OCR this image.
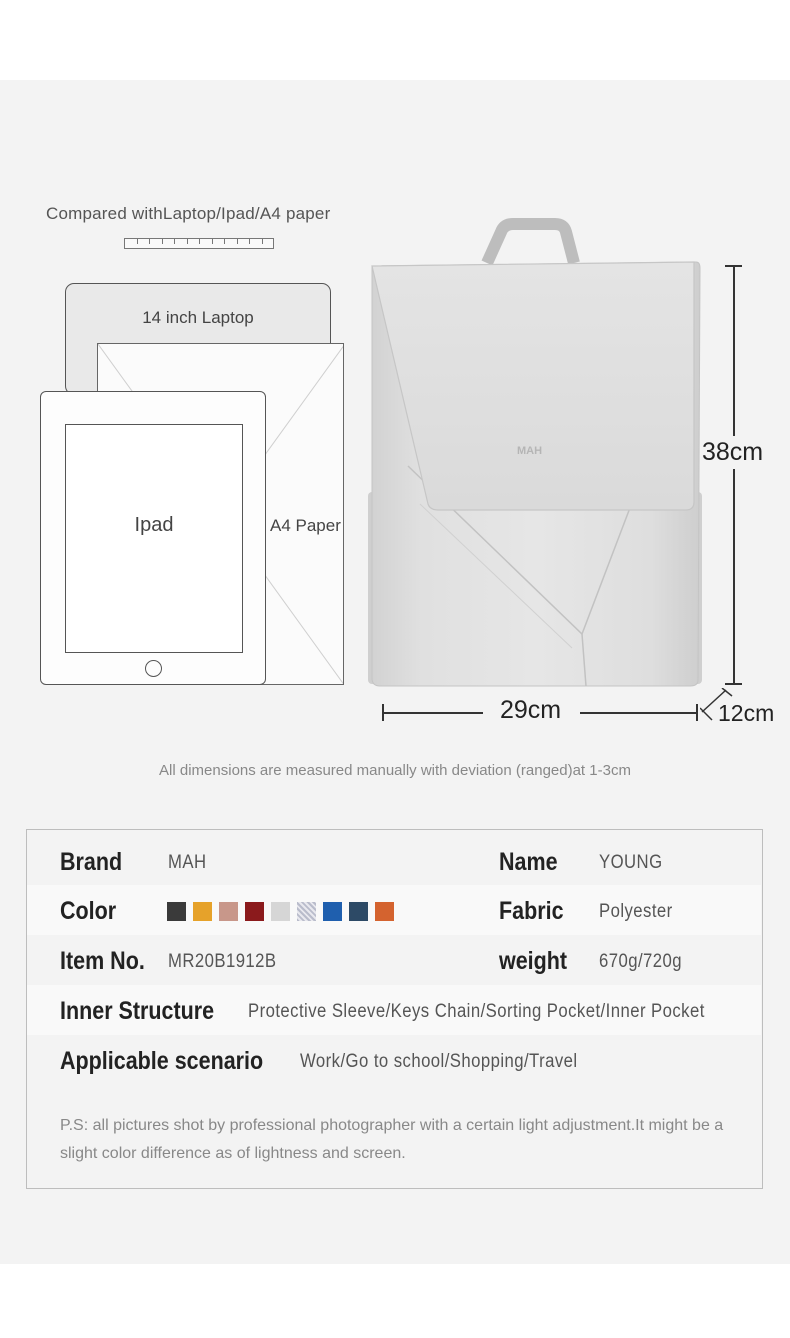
Compared withLaptop/Ipad/A4 paper
14 inch Laptop
A4 Paper
Ipad
MAH	38cm
29cm	12cm
All dimensions are measured manually with deviation (ranged)at 1-3cm
Brand MAH	Name YOUNG
Color	Fabric Polyester
Item No. MR20B1912B	weight 670g/720g
Inner Structure Protective Sleeve/Keys Chain/Sorting Pocket/Inner Pocket
Applicable scenario Work/Go to school/Shopping/Travel
P.S: all pictures shot by professional photographer with a certain light adjustment.It might be a slight color difference as of lightness and screen.
